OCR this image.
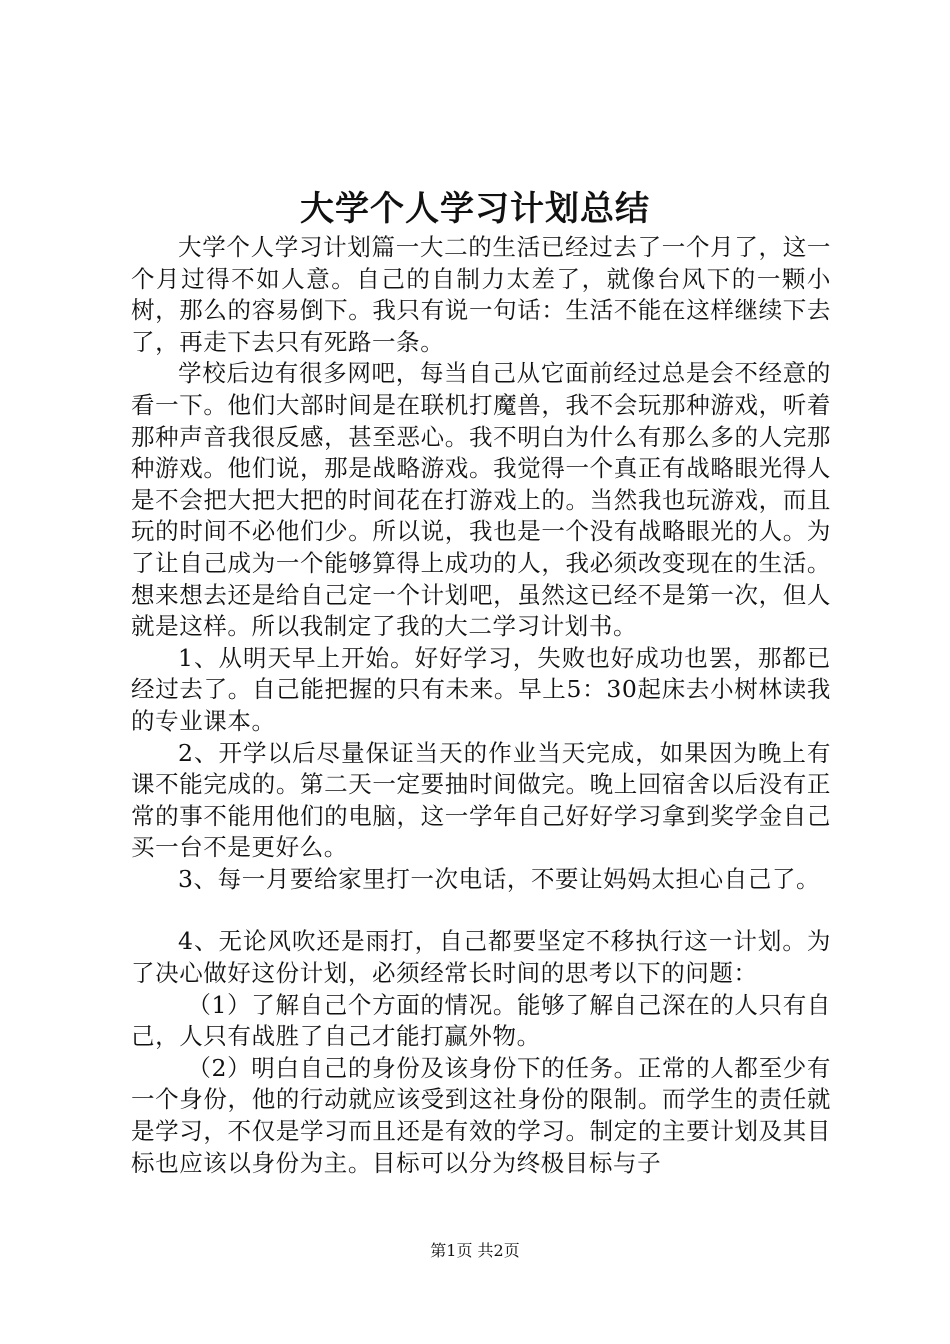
大学个人学习计划总结

大学个人学习计划篇一大二的生活已经过去了一个月了，这一个月过得不如人意。自己的自制力太差了，就像台风下的一颗小树，那么的容易倒下。我只有说一句话：生活不能在这样继续下去了，再走下去只有死路一条。

学校后边有很多网吧，每当自己从它面前经过总是会不经意的看一下。他们大部时间是在联机打魔兽，我不会玩那种游戏，听着那种声音我很反感，甚至恶心。我不明白为什么有那么多的人完那种游戏。他们说，那是战略游戏。我觉得一个真正有战略眼光得人是不会把大把大把的时间花在打游戏上的。当然我也玩游戏，而且玩的时间不必他们少。所以说，我也是一个没有战略眼光的人。为了让自己成为一个能够算得上成功的人，我必须改变现在的生活。想来想去还是给自己定一个计划吧，虽然这已经不是第一次，但人就是这样。所以我制定了我的大二学习计划书。

1、从明天早上开始。好好学习，失败也好成功也罢，那都已经过去了。自己能把握的只有未来。早上5：30起床去小树林读我的专业课本。

2、开学以后尽量保证当天的作业当天完成，如果因为晚上有课不能完成的。第二天一定要抽时间做完。晚上回宿舍以后没有正常的事不能用他们的电脑，这一学年自己好好学习拿到奖学金自己买一台不是更好么。

3、每一月要给家里打一次电话，不要让妈妈太担心自己了。

4、无论风吹还是雨打，自己都要坚定不移执行这一计划。为了决心做好这份计划，必须经常长时间的思考以下的问题：

（1）了解自己个方面的情况。能够了解自己深在的人只有自己，人只有战胜了自己才能打赢外物。

（2）明白自己的身份及该身份下的任务。正常的人都至少有一个身份，他的行动就应该受到这社身份的限制。而学生的责任就是学习，不仅是学习而且还是有效的学习。制定的主要计划及其目标也应该以身份为主。目标可以分为终极目标与子

第1页 共2页
